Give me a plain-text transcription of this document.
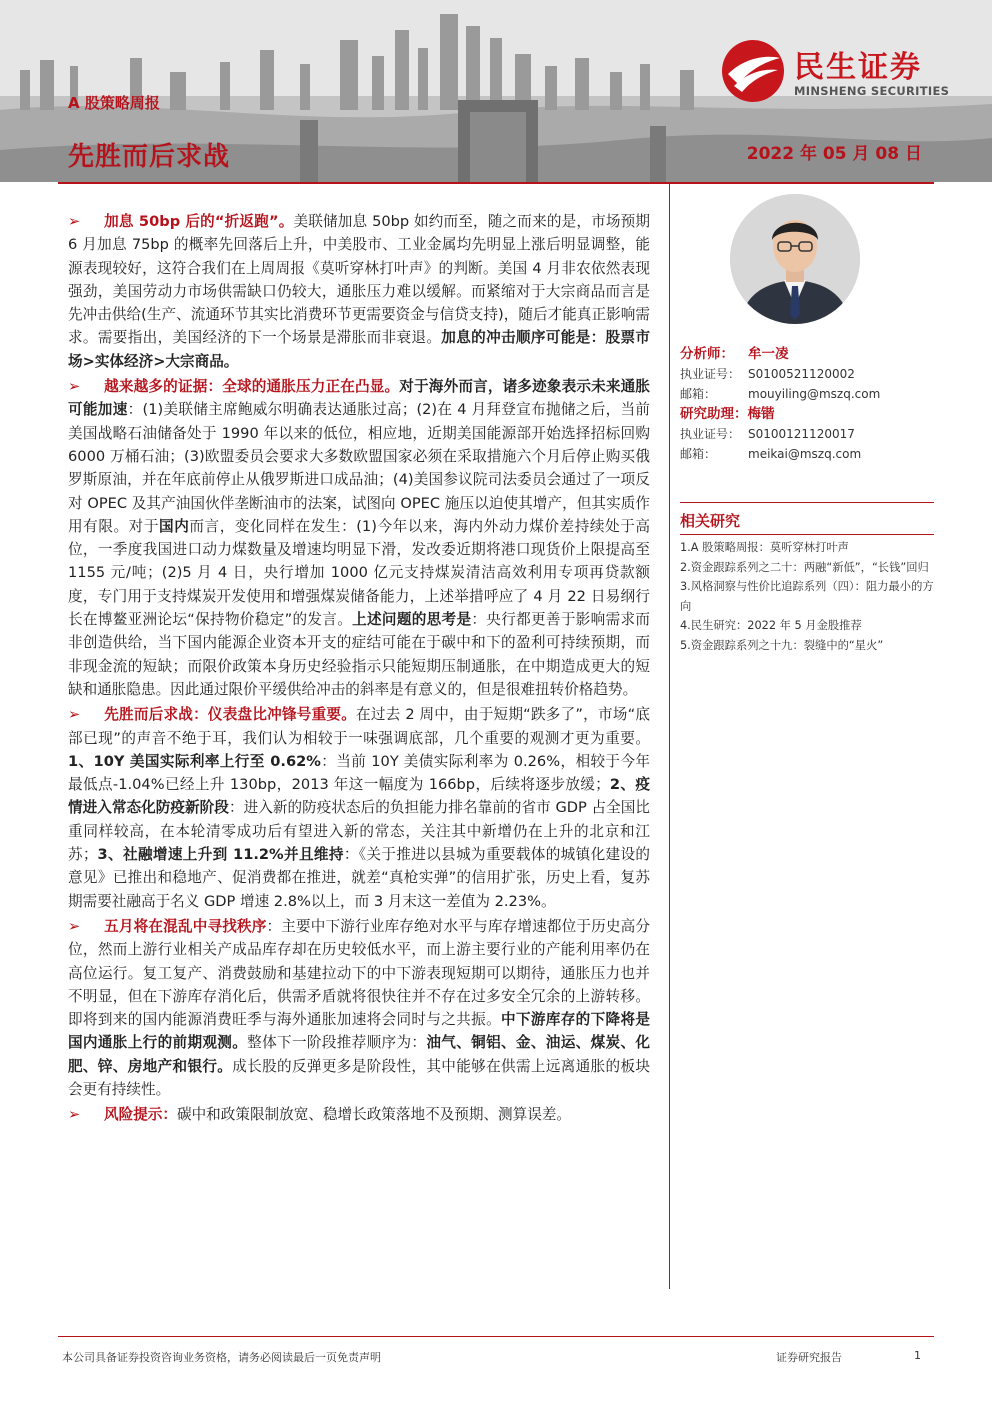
民生证券
MINSHENG SECURITIES
A 股策略周报
先胜而后求战	2022 年 05 月 08 日

➢ 加息 50bp 后的“折返跑”。美联储加息 50bp 如约而至，随之而来的是，市场预期 6 月加息 75bp 的概率先回落后上升，中美股市、工业金属均先明显上涨后明显调整，能源表现较好，这符合我们在上周周报《莫听穿林打叶声》的判断。美国 4 月非农依然表现强劲，美国劳动力市场供需缺口仍较大，通胀压力难以缓解。而紧缩对于大宗商品而言是先冲击供给(生产、流通环节其实比消费环节更需要资金与信贷支持)，随后才能真正影响需求。需要指出，美国经济的下一个场景是滞胀而非衰退。加息的冲击顺序可能是：股票市场>实体经济>大宗商品。

➢ 越来越多的证据：全球的通胀压力正在凸显。对于海外而言，诸多迹象表示未来通胀可能加速：(1)美联储主席鲍威尔明确表达通胀过高；(2)在 4 月拜登宣布抛储之后，当前美国战略石油储备处于 1990 年以来的低位，相应地，近期美国能源部开始选择招标回购 6000 万桶石油；(3)欧盟委员会要求大多数欧盟国家必须在采取措施六个月后停止购买俄罗斯原油，并在年底前停止从俄罗斯进口成品油；(4)美国参议院司法委员会通过了一项反对 OPEC 及其产油国伙伴垄断油市的法案，试图向 OPEC 施压以迫使其增产，但其实质作用有限。对于国内而言，变化同样在发生：(1)今年以来，海内外动力煤价差持续处于高位，一季度我国进口动力煤数量及增速均明显下滑，发改委近期将港口现货价上限提高至 1155 元/吨；(2)5 月 4 日，央行增加 1000 亿元支持煤炭清洁高效利用专项再贷款额度，专门用于支持煤炭开发使用和增强煤炭储备能力，上述举措呼应了 4 月 22 日易纲行长在博鳌亚洲论坛“保持物价稳定”的发言。上述问题的思考是：央行都更善于影响需求而非创造供给，当下国内能源企业资本开支的症结可能在于碳中和下的盈利可持续预期，而非现金流的短缺；而限价政策本身历史经验指示只能短期压制通胀，在中期造成更大的短缺和通胀隐患。因此通过限价平缓供给冲击的斜率是有意义的，但是很难扭转价格趋势。

➢ 先胜而后求战：仪表盘比冲锋号重要。在过去 2 周中，由于短期“跌多了”，市场“底部已现”的声音不绝于耳，我们认为相较于一味强调底部，几个重要的观测才更为重要。1、10Y 美国实际利率上行至 0.62%：当前 10Y 美债实际利率为 0.26%，相较于今年最低点-1.04%已经上升 130bp，2013 年这一幅度为 166bp，后续将逐步放缓；2、疫情进入常态化防疫新阶段：进入新的防疫状态后的负担能力排名靠前的省市 GDP 占全国比重同样较高，在本轮清零成功后有望进入新的常态，关注其中新增仍在上升的北京和江苏；3、社融增速上升到 11.2%并且维持：《关于推进以县城为重要载体的城镇化建设的意见》已推出和稳地产、促消费都在推进，就差“真枪实弹”的信用扩张，历史上看，复苏期需要社融高于名义 GDP 增速 2.8%以上，而 3 月末这一差值为 2.23%。

➢ 五月将在混乱中寻找秩序：主要中下游行业库存绝对水平与库存增速都位于历史高分位，然而上游行业相关产成品库存却在历史较低水平，而上游主要行业的产能利用率仍在高位运行。复工复产、消费鼓励和基建拉动下的中下游表现短期可以期待，通胀压力也并不明显，但在下游库存消化后，供需矛盾就将很快往并不存在过多安全冗余的上游转移。即将到来的国内能源消费旺季与海外通胀加速将会同时与之共振。中下游库存的下降将是国内通胀上行的前期观测。整体下一阶段推荐顺序为：油气、铜铝、金、油运、煤炭、化肥、锌、房地产和银行。成长股的反弹更多是阶段性，其中能够在供需上远离通胀的板块会更有持续性。

➢ 风险提示：碳中和政策限制放宽、稳增长政策落地不及预期、测算误差。

分析师： 牟一凌
执业证号： S0100521120002
邮箱：	mouyiling@mszq.com
研究助理：梅锴
执业证号： S0100121120017
邮箱：	meikai@mszq.com
相关研究
1.A 股策略周报：莫听穿林打叶声
2.资金跟踪系列之二十：两融“新低”，“长钱”回归
3.风格洞察与性价比追踪系列（四）：阻力最小的方向
4.民生研究：2022 年 5 月金股推荐
5.资金跟踪系列之十九：裂缝中的“星火”
本公司具备证券投资咨询业务资格，请务必阅读最后一页免责声明	证券研究报告	1
